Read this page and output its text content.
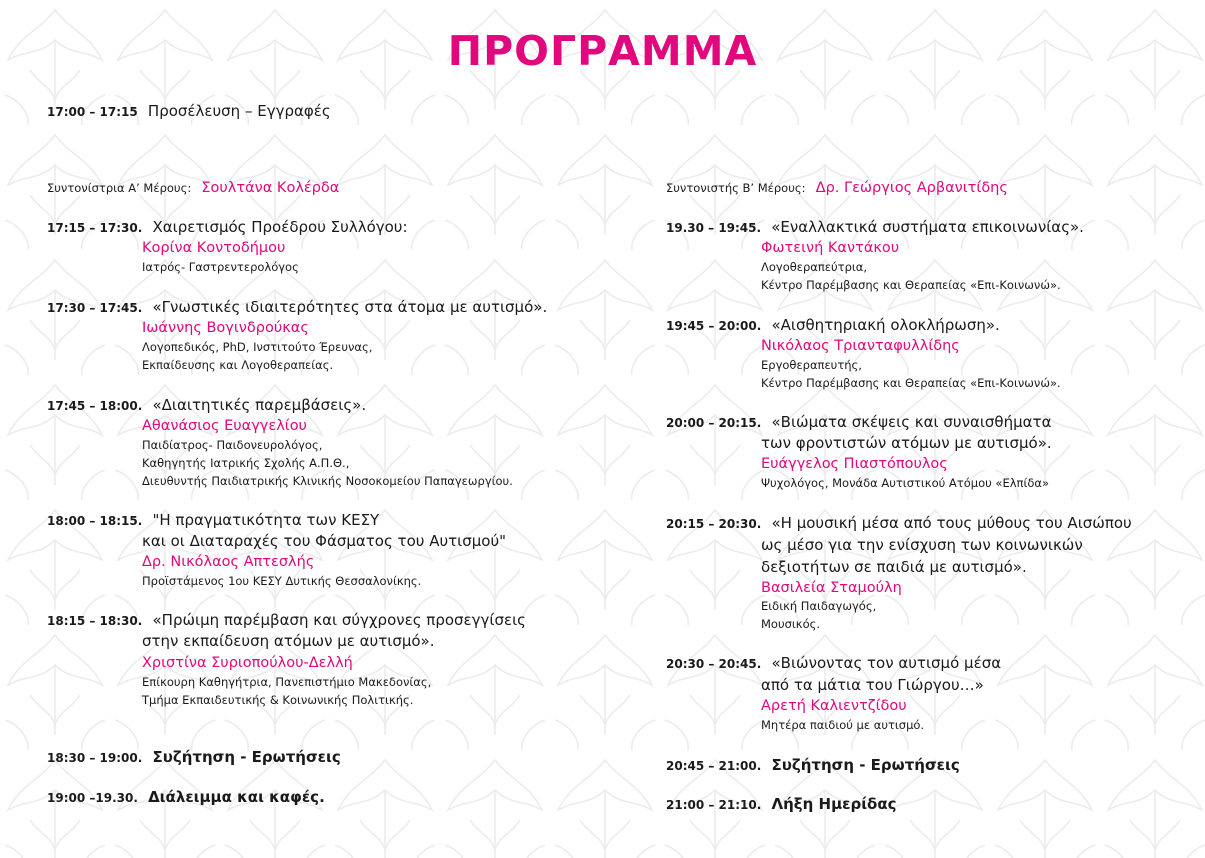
ΠΡΟΓΡΑΜΜΑ
17:00 – 17:15 Προσέλευση – Εγγραφές
Συντονίστρια Α’ Μέρους: Σουλτάνα Κολέρδα
17:15 – 17:30. Χαιρετισμός Προέδρου Συλλόγου:
Κορίνα Κοντοδήμου
Ιατρός- Γαστρεντερολόγος
17:30 – 17:45. «Γνωστικές ιδιαιτερότητες στα άτομα με αυτισμό».
Ιωάννης Βογινδρούκας
Λογοπεδικός, PhD, Ινστιτούτο Έρευνας,
Εκπαίδευσης και Λογοθεραπείας.
17:45 – 18:00. «Διαιτητικές παρεμβάσεις».
Αθανάσιος Ευαγγελίου
Παιδίατρος- Παιδονευρολόγος,
Καθηγητής Ιατρικής Σχολής Α.Π.Θ.,
Διευθυντής Παιδιατρικής Κλινικής Νοσοκομείου Παπαγεωργίου.
18:00 – 18:15. "Η πραγματικότητα των ΚΕΣΥ
και οι Διαταραχές του Φάσματος του Αυτισμού"
Δρ. Νικόλαος Απτεσλής
Προϊστάμενος 1ου ΚΕΣΥ Δυτικής Θεσσαλονίκης.
18:15 – 18:30. «Πρώιμη παρέμβαση και σύγχρονες προσεγγίσεις
στην εκπαίδευση ατόμων με αυτισμό».
Χριστίνα Συριοπούλου-Δελλή
Επίκουρη Καθηγήτρια, Πανεπιστήμιο Μακεδονίας,
Τμήμα Εκπαιδευτικής & Κοινωνικής Πολιτικής.
18:30 – 19:00. Συζήτηση - Ερωτήσεις
19:00 –19.30. Διάλειμμα και καφές.
Συντονιστής Β’ Μέρους: Δρ. Γεώργιος Αρβανιτίδης
19.30 – 19:45. «Εναλλακτικά συστήματα επικοινωνίας».
Φωτεινή Καντάκου
Λογοθεραπεύτρια,
Κέντρο Παρέμβασης και Θεραπείας «Επι-Κοινωνώ».
19:45 – 20:00. «Αισθητηριακή ολοκλήρωση».
Νικόλαος Τριανταφυλλίδης
Εργοθεραπευτής,
Κέντρο Παρέμβασης και Θεραπείας «Επι-Κοινωνώ».
20:00 – 20:15. «Βιώματα σκέψεις και συναισθήματα
των φροντιστών ατόμων με αυτισμό».
Ευάγγελος Πιαστόπουλος
Ψυχολόγος, Μονάδα Αυτιστικού Ατόμου «Ελπίδα»
20:15 – 20:30. «Η μουσική μέσα από τους μύθους του Αισώπου
ως μέσο για την ενίσχυση των κοινωνικών
δεξιοτήτων σε παιδιά με αυτισμό».
Βασιλεία Σταμούλη
Ειδική Παιδαγωγός,
Μουσικός.
20:30 – 20:45. «Βιώνοντας τον αυτισμό μέσα
από τα μάτια του Γιώργου…»
Αρετή Καλιεντζίδου
Μητέρα παιδιού με αυτισμό.
20:45 – 21:00. Συζήτηση - Ερωτήσεις
21:00 – 21:10. Λήξη Ημερίδας
